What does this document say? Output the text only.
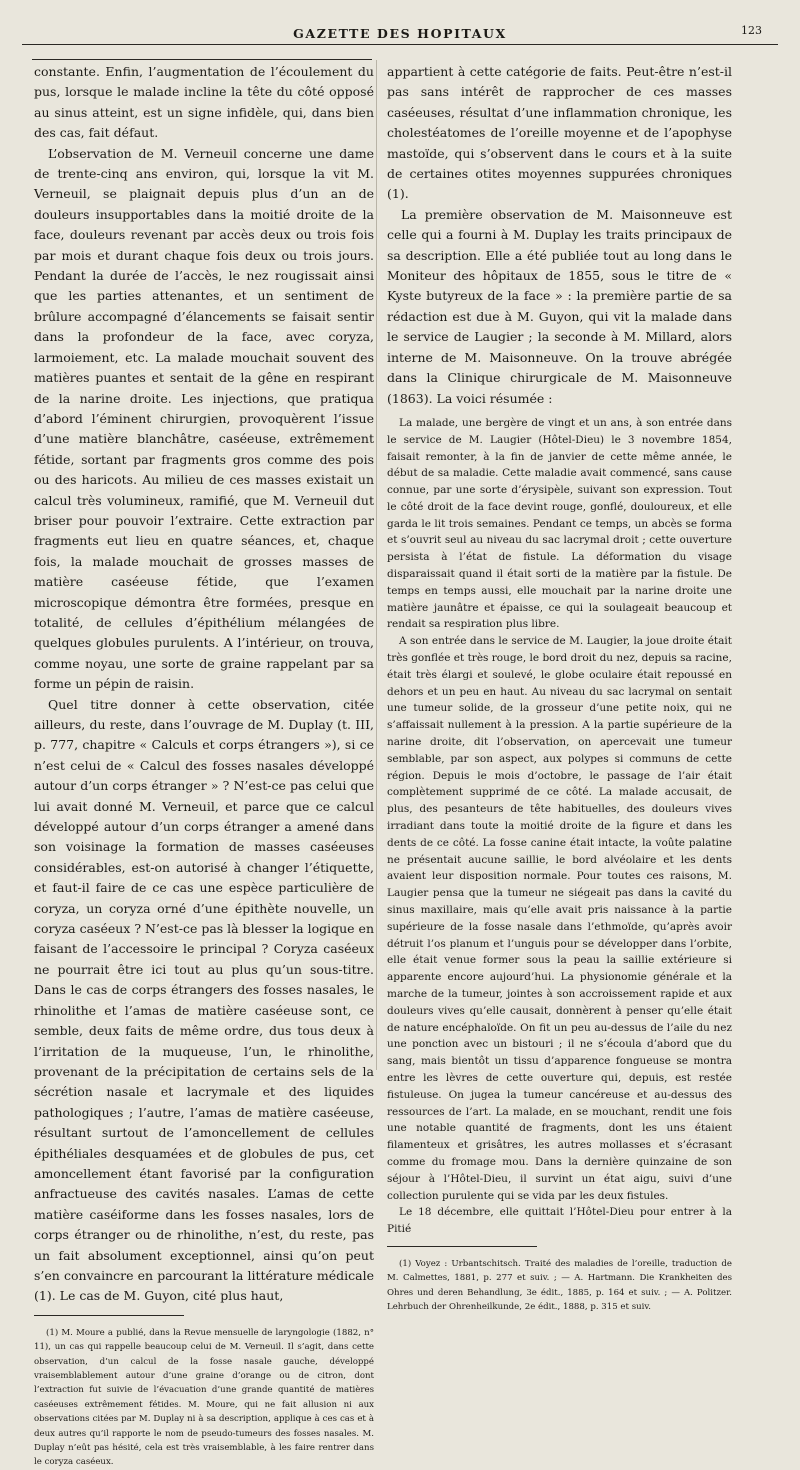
GAZETTE DES HOPITAUX	123

constante. Enfin, l’augmentation de l’écoulement du pus, lorsque le malade incline la tête du côté opposé au sinus atteint, est un signe infidèle, qui, dans bien des cas, fait défaut.

L’observation de M. Verneuil concerne une dame de trente-cinq ans environ, qui, lorsque la vit M. Verneuil, se plaignait depuis plus d’un an de douleurs insupportables dans la moitié droite de la face, douleurs revenant par accès deux ou trois fois par mois et durant chaque fois deux ou trois jours. Pendant la durée de l’accès, le nez rougissait ainsi que les parties attenantes, et un sentiment de brûlure accompagné d’élancements se faisait sentir dans la profondeur de la face, avec coryza, larmoiement, etc. La malade mouchait souvent des matières puantes et sentait de la gêne en respirant de la narine droite. Les injections, que pratiqua d’abord l’éminent chirurgien, provoquèrent l’issue d’une matière blanchâtre, caséeuse, extrêmement fétide, sortant par fragments gros comme des pois ou des haricots. Au milieu de ces masses existait un calcul très volumineux, ramifié, que M. Verneuil dut briser pour pouvoir l’extraire. Cette extraction par fragments eut lieu en quatre séances, et, chaque fois, la malade mouchait de grosses masses de matière caséeuse fétide, que l’examen microscopique démontra être formées, presque en totalité, de cellules d’épithélium mélangées de quelques globules purulents. A l’intérieur, on trouva, comme noyau, une sorte de graine rappelant par sa forme un pépin de raisin.

Quel titre donner à cette observation, citée ailleurs, du reste, dans l’ouvrage de M. Duplay (t. III, p. 777, chapitre « Calculs et corps étrangers »), si ce n’est celui de « Calcul des fosses nasales développé autour d’un corps étranger » ? N’est-ce pas celui que lui avait donné M. Verneuil, et parce que ce calcul développé autour d’un corps étranger a amené dans son voisinage la formation de masses caséeuses considérables, est-on autorisé à changer l’étiquette, et faut-il faire de ce cas une espèce particulière de coryza, un coryza orné d’une épithète nouvelle, un coryza caséeux ? N’est-ce pas là blesser la logique en faisant de l’accessoire le principal ? Coryza caséeux ne pourrait être ici tout au plus qu’un sous-titre. Dans le cas de corps étrangers des fosses nasales, le rhinolithe et l’amas de matière caséeuse sont, ce semble, deux faits de même ordre, dus tous deux à l’irritation de la muqueuse, l’un, le rhinolithe, provenant de la précipitation de certains sels de la sécrétion nasale et lacrymale et des liquides pathologiques ; l’autre, l’amas de matière caséeuse, résultant surtout de l’amoncellement de cellules épithéliales desquamées et de globules de pus, cet amoncellement étant favorisé par la configuration anfractueuse des cavités nasales. L’amas de cette matière caséiforme dans les fosses nasales, lors de corps étranger ou de rhinolithe, n’est, du reste, pas un fait absolument exceptionnel, ainsi qu’on peut s’en convaincre en parcourant la littérature médicale (1). Le cas de M. Guyon, cité plus haut,

(1) M. Moure a publié, dans la Revue mensuelle de laryngologie (1882, n° 11), un cas qui rappelle beaucoup celui de M. Verneuil. Il s’agit, dans cette observation, d’un calcul de la fosse nasale gauche, développé vraisemblablement autour d’une graine d’orange ou de citron, dont l’extraction fut suivie de l’évacuation d’une grande quantité de matières caséeuses extrêmement fétides. M. Moure, qui ne fait allusion ni aux observations citées par M. Duplay ni à sa description, applique à ces cas et à deux autres qu’il rapporte le nom de pseudo-tumeurs des fosses nasales. M. Duplay n’eût pas hésité, cela est très vraisemblable, à les faire rentrer dans le coryza caséeux.

appartient à cette catégorie de faits. Peut-être n’est-il pas sans intérêt de rapprocher de ces masses caséeuses, résultat d’une inflammation chronique, les cholestéatomes de l’oreille moyenne et de l’apophyse mastoïde, qui s’observent dans le cours et à la suite de certaines otites moyennes suppurées chroniques (1).

La première observation de M. Maisonneuve est celle qui a fourni à M. Duplay les traits principaux de sa description. Elle a été publiée tout au long dans le Moniteur des hôpitaux de 1855, sous le titre de « Kyste butyreux de la face » : la première partie de sa rédaction est due à M. Guyon, qui vit la malade dans le service de Laugier ; la seconde à M. Millard, alors interne de M. Maisonneuve. On la trouve abrégée dans la Clinique chirurgicale de M. Maisonneuve (1863). La voici résumée :

La malade, une bergère de vingt et un ans, à son entrée dans le service de M. Laugier (Hôtel-Dieu) le 3 novembre 1854, faisait remonter, à la fin de janvier de cette même année, le début de sa maladie. Cette maladie avait commencé, sans cause connue, par une sorte d’érysipèle, suivant son expression. Tout le côté droit de la face devint rouge, gonflé, douloureux, et elle garda le lit trois semaines. Pendant ce temps, un abcès se forma et s’ouvrit seul au niveau du sac lacrymal droit ; cette ouverture persista à l’état de fistule. La déformation du visage disparaissait quand il était sorti de la matière par la fistule. De temps en temps aussi, elle mouchait par la narine droite une matière jaunâtre et épaisse, ce qui la soulageait beaucoup et rendait sa respiration plus libre.

A son entrée dans le service de M. Laugier, la joue droite était très gonflée et très rouge, le bord droit du nez, depuis sa racine, était très élargi et soulevé, le globe oculaire était repoussé en dehors et un peu en haut. Au niveau du sac lacrymal on sentait une tumeur solide, de la grosseur d’une petite noix, qui ne s’affaissait nullement à la pression. A la partie supérieure de la narine droite, dit l’observation, on apercevait une tumeur semblable, par son aspect, aux polypes si communs de cette région. Depuis le mois d’octobre, le passage de l’air était complètement supprimé de ce côté. La malade accusait, de plus, des pesanteurs de tête habituelles, des douleurs vives irradiant dans toute la moitié droite de la figure et dans les dents de ce côté. La fosse canine était intacte, la voûte palatine ne présentait aucune saillie, le bord alvéolaire et les dents avaient leur disposition normale. Pour toutes ces raisons, M. Laugier pensa que la tumeur ne siégeait pas dans la cavité du sinus maxillaire, mais qu’elle avait pris naissance à la partie supérieure de la fosse nasale dans l’ethmoïde, qu’après avoir détruit l’os planum et l’unguis pour se développer dans l’orbite, elle était venue former sous la peau la saillie extérieure si apparente encore aujourd’hui. La physionomie générale et la marche de la tumeur, jointes à son accroissement rapide et aux douleurs vives qu’elle causait, donnèrent à penser qu’elle était de nature encéphaloïde. On fit un peu au-dessus de l’aile du nez une ponction avec un bistouri ; il ne s’écoula d’abord que du sang, mais bientôt un tissu d’apparence fongueuse se montra entre les lèvres de cette ouverture qui, depuis, est restée fistuleuse. On jugea la tumeur cancéreuse et au-dessus des ressources de l’art. La malade, en se mouchant, rendit une fois une notable quantité de fragments, dont les uns étaient filamenteux et grisâtres, les autres mollasses et s’écrasant comme du fromage mou. Dans la dernière quinzaine de son séjour à l’Hôtel-Dieu, il survint un état aigu, suivi d’une collection purulente qui se vida par les deux fistules.

Le 18 décembre, elle quittait l’Hôtel-Dieu pour entrer à la Pitié

(1) Voyez : Urbantschitsch. Traité des maladies de l’oreille, traduction de M. Calmettes, 1881, p. 277 et suiv. ; — A. Hartmann. Die Krankheiten des Ohres und deren Behandlung, 3e édit., 1885, p. 164 et suiv. ; — A. Politzer. Lehrbuch der Ohrenheilkunde, 2e édit., 1888, p. 315 et suiv.
